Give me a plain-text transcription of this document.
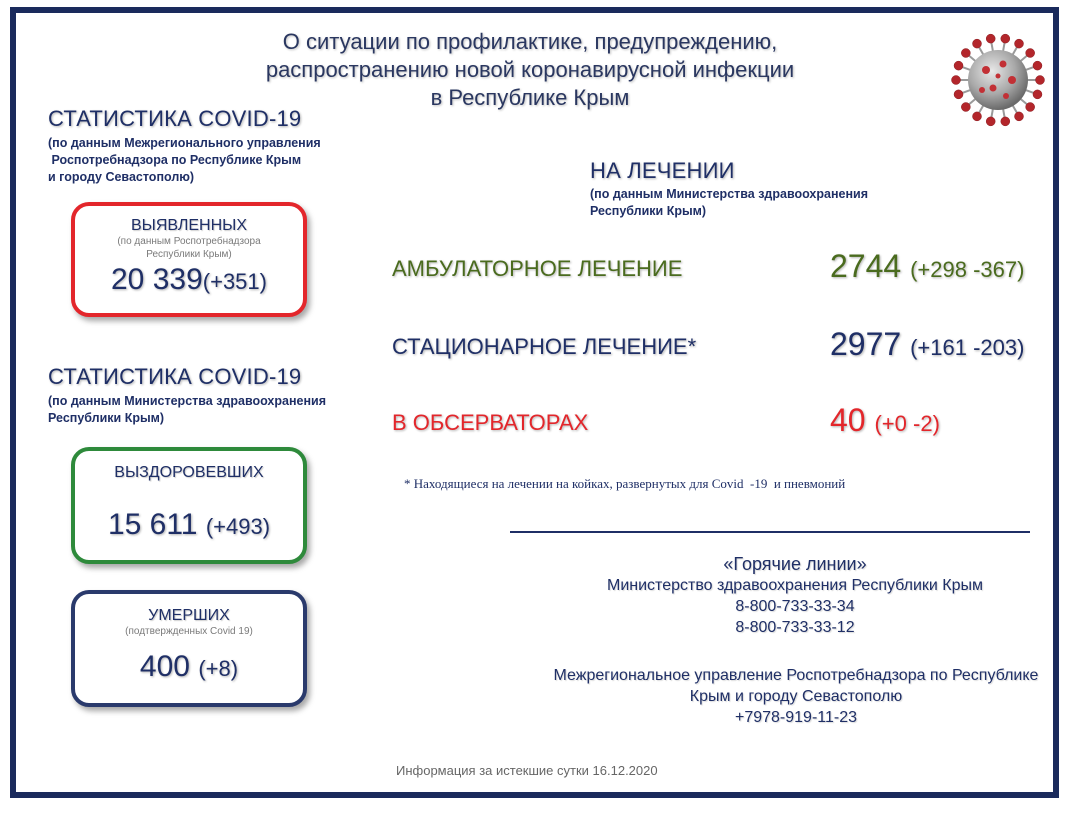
О ситуации по профилактике, предупреждению,
распространению новой коронавирусной инфекции
в Республике Крым
СТАТИСТИКА COVID-19
(по данным Межрегионального управления
Роспотребнадзора по Республике Крым
и городу Севастополю)
ВЫЯВЛЕННЫХ
(по данным Роспотребнадзора
Республики Крым)
20 339(+351)
СТАТИСТИКА COVID-19
(по данным Министерства здравоохранения
Республики Крым)
ВЫЗДОРОВЕВШИХ
15 611 (+493)
УМЕРШИХ
(подтвержденных Covid 19)
400 (+8)
НА ЛЕЧЕНИИ
(по данным Министерства здравоохранения
Республики Крым)
АМБУЛАТОРНОЕ ЛЕЧЕНИЕ	2744 (+298 -367)
СТАЦИОНАРНОЕ ЛЕЧЕНИЕ*	2977 (+161 -203)
В ОБСЕРВАТОРАХ	40 (+0 -2)
* Находящиеся на лечении на койках, развернутых для Covid  -19  и пневмоний
«Горячие линии»
Министерство здравоохранения Республики Крым
8-800-733-33-34
8-800-733-33-12
Межрегиональное управление Роспотребнадзора по Республике
Крым и городу Севастополю
+7978-919-11-23
Информация за истекшие сутки 16.12.2020
